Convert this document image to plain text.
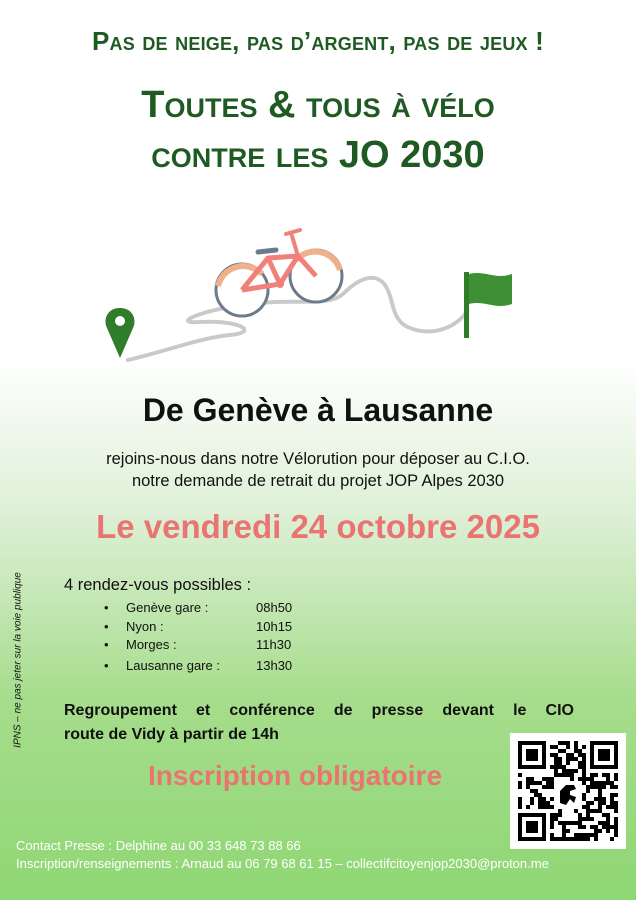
Pas de neige, pas d’argent, pas de jeux !
Toutes & tous à vélo
contre les JO 2030
De Genève à Lausanne
rejoins-nous dans notre Vélorution pour déposer au C.I.O.
notre demande de retrait du projet JOP Alpes 2030
Le vendredi 24 octobre 2025
4 rendez-vous possibles :
• Genève gare :	08h50
• Nyon :	10h15
• Morges :	11h30
• Lausanne gare :	13h30
Regroupement et conférence de presse devant le CIO
route de Vidy à partir de 14h
Inscription obligatoire
Contact Presse : Delphine au 00 33 648 73 88 66
Inscription/renseignements : Arnaud au 06 79 68 61 15 – collectifcitoyenjop2030@proton.me
IPNS – ne pas jeter sur la voie publique
